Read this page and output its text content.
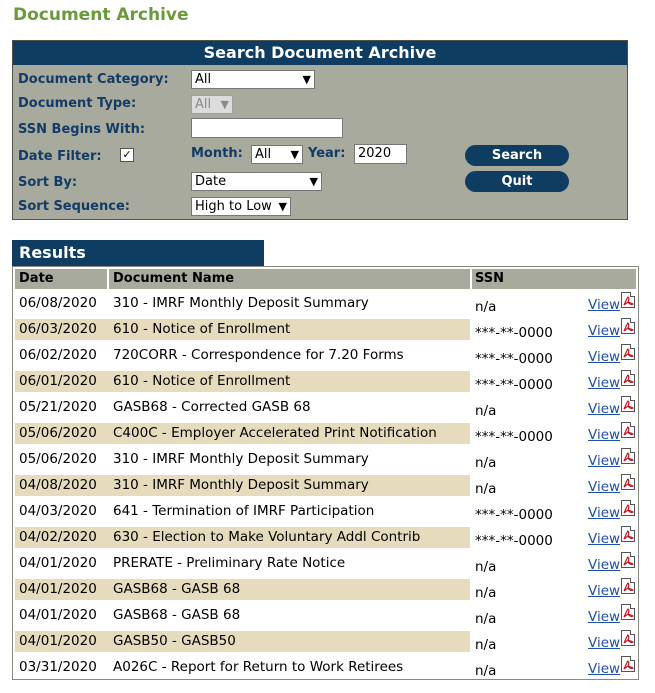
Document Archive
Search Document Archive
Document Category:	All	▼
Document Type:	All ▼
SSN Begins With:
Date Filter: ✓	Month: All ▼ Year: 2020	Search
Quit
Sort By:	Date	▼
Sort Sequence:	High to Low ▼
Results
Date	Document Name	SSN
06/08/2020 310 - IMRF Monthly Deposit Summary	n/a	View
06/03/2020 610 - Notice of Enrollment	***-**-0000	View
06/02/2020 720CORR - Correspondence for 7.20 Forms	***-**-0000	View
06/01/2020 610 - Notice of Enrollment	***-**-0000	View
05/21/2020 GASB68 - Corrected GASB 68	n/a	View
05/06/2020 C400C - Employer Accelerated Print Notification	***-**-0000	View
05/06/2020 310 - IMRF Monthly Deposit Summary	n/a	View
04/08/2020 310 - IMRF Monthly Deposit Summary	n/a	View
04/03/2020 641 - Termination of IMRF Participation	***-**-0000	View
04/02/2020 630 - Election to Make Voluntary Addl Contrib	***-**-0000	View
04/01/2020 PRERATE - Preliminary Rate Notice	n/a	View
04/01/2020 GASB68 - GASB 68	n/a	View
04/01/2020 GASB68 - GASB 68	n/a	View
04/01/2020 GASB50 - GASB50	n/a	View
03/31/2020 A026C - Report for Return to Work Retirees	n/a	View
